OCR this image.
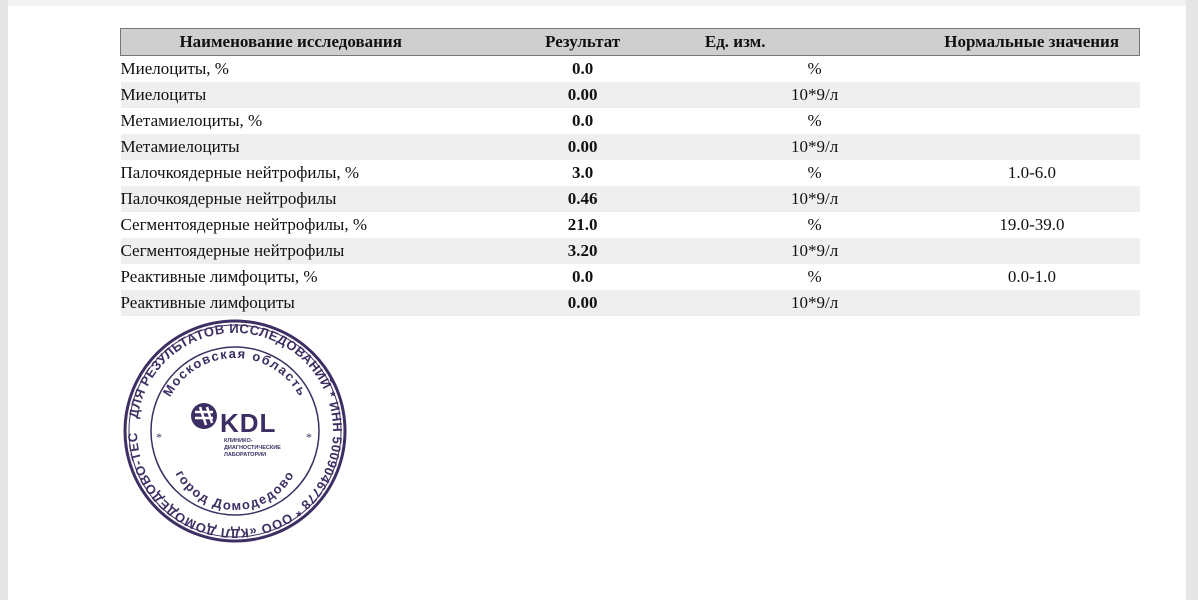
Наименование исследования	Результат	Ед. изм.	Нормальные значения
Миелоциты, %	0.0	%	
Миелоциты	0.00	10*9/л	
Метамиелоциты, %	0.0	%	
Метамиелоциты	0.00	10*9/л	
Палочкоядерные нейтрофилы, %	3.0	%	1.0-6.0
Палочкоядерные нейтрофилы	0.46	10*9/л	
Сегментоядерные нейтрофилы, %	21.0	%	19.0-39.0
Сегментоядерные нейтрофилы	3.20	10*9/л	
Реактивные лимфоциты, %	0.0	%	0.0-1.0
Реактивные лимфоциты	0.00	10*9/л	
ДЛЯ РЕЗУЛЬТАТОВ ИССЛЕДОВАНИЙ * ИНН 5009046778 * ООО «КДЛ ДОМОДЕДОВО-ТЕС
Московская область
город Домодедово
*	*
KDL
КЛИНИКО-ДИАГНОСТИЧЕСКИЕ ЛАБОРАТОРИИ
